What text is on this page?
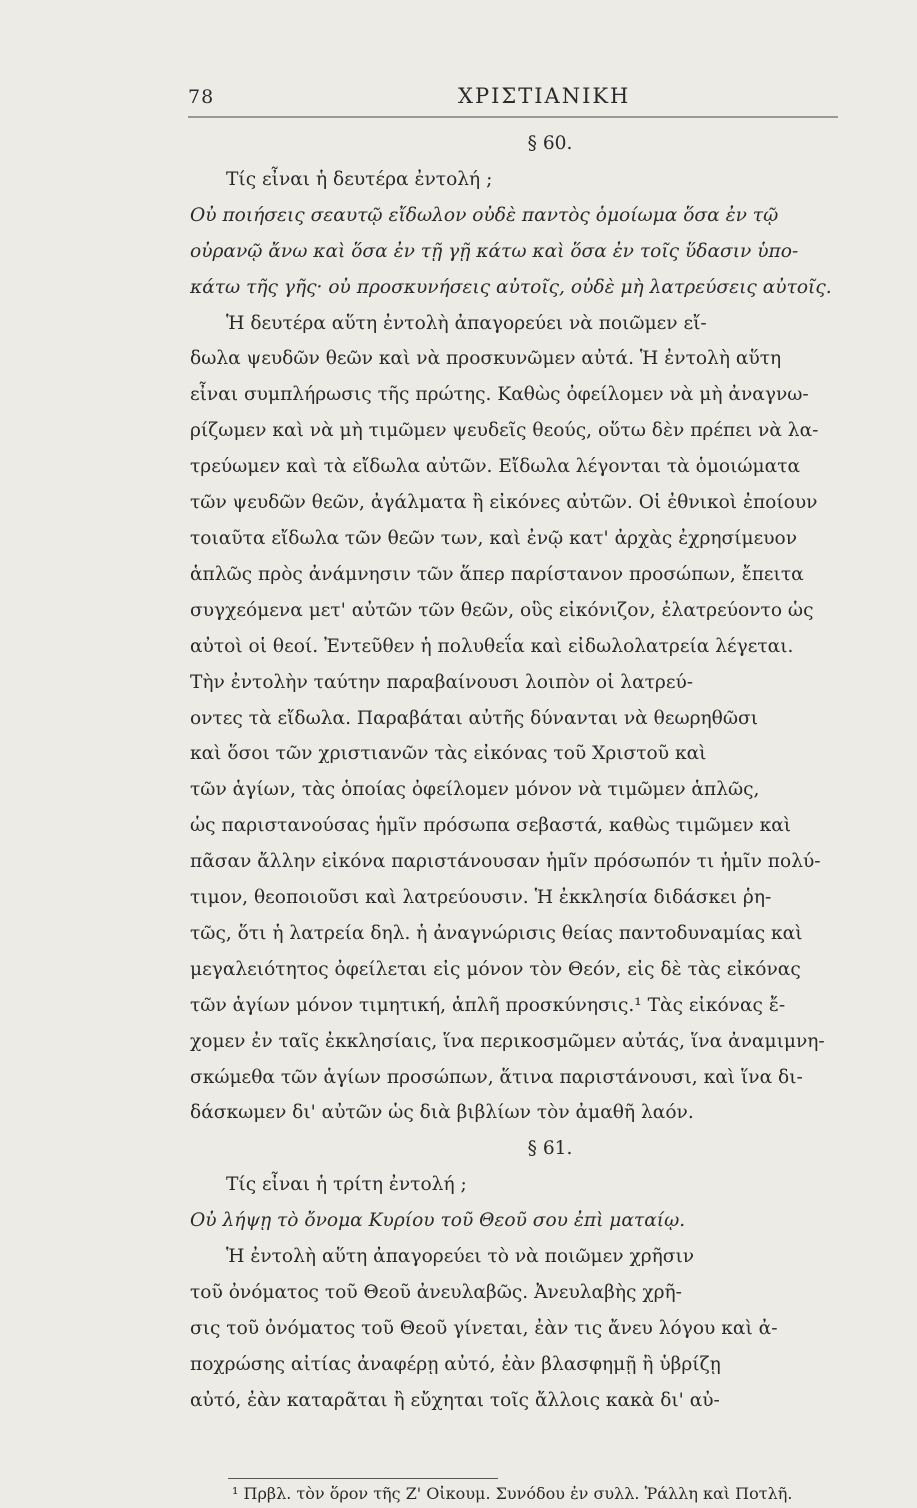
78	ΧΡΙΣΤΙΑΝΙΚΗ
§ 60.
Τίς εἶναι ἡ δευτέρα ἐντολή ;
Οὐ ποιήσεις σεαυτῷ εἴδωλον οὐδὲ παντὸς ὁμοίωμα ὅσα ἐν τῷ
οὐρανῷ ἄνω καὶ ὅσα ἐν τῇ γῇ κάτω καὶ ὅσα ἐν τοῖς ὕδασιν ὑπο-
κάτω τῆς γῆς· οὐ προσκυνήσεις αὐτοῖς, οὐδὲ μὴ λατρεύσεις αὐτοῖς.
Ἡ δευτέρα αὕτη ἐντολὴ ἀπαγορεύει νὰ ποιῶμεν εἴ-
δωλα ψευδῶν θεῶν καὶ νὰ προσκυνῶμεν αὐτά. Ἡ ἐντολὴ αὕτη
εἶναι συμπλήρωσις τῆς πρώτης. Καθὼς ὀφείλομεν νὰ μὴ ἀναγνω-
ρίζωμεν καὶ νὰ μὴ τιμῶμεν ψευδεῖς θεούς, οὕτω δὲν πρέπει νὰ λα-
τρεύωμεν καὶ τὰ εἴδωλα αὐτῶν. Εἴδωλα λέγονται τὰ ὁμοιώματα
τῶν ψευδῶν θεῶν, ἀγάλματα ἢ εἰκόνες αὐτῶν. Οἱ ἐθνικοὶ ἐποίουν
τοιαῦτα εἴδωλα τῶν θεῶν των, καὶ ἐνῷ κατ' ἀρχὰς ἐχρησίμευον
ἁπλῶς πρὸς ἀνάμνησιν τῶν ἅπερ παρίστανον προσώπων, ἔπειτα
συγχεόμενα μετ' αὐτῶν τῶν θεῶν, οὓς εἰκόνιζον, ἐλατρεύοντο ὡς
αὐτοὶ οἱ θεοί. Ἐντεῦθεν ἡ πολυθεΐα καὶ εἰδωλολατρεία λέγεται.
Τὴν ἐντολὴν ταύτην παραβαίνουσι λοιπὸν οἱ λατρεύ-
οντες τὰ εἴδωλα. Παραβάται αὐτῆς δύνανται νὰ θεωρηθῶσι
καὶ ὅσοι τῶν χριστιανῶν τὰς εἰκόνας τοῦ Χριστοῦ καὶ
τῶν ἁγίων, τὰς ὁποίας ὀφείλομεν μόνον νὰ τιμῶμεν ἁπλῶς,
ὡς παριστανούσας ἡμῖν πρόσωπα σεβαστά, καθὼς τιμῶμεν καὶ
πᾶσαν ἄλλην εἰκόνα παριστάνουσαν ἡμῖν πρόσωπόν τι ἡμῖν πολύ-
τιμον, θεοποιοῦσι καὶ λατρεύουσιν. Ἡ ἐκκλησία διδάσκει ῥη-
τῶς, ὅτι ἡ λατρεία δηλ. ἡ ἀναγνώρισις θείας παντοδυναμίας καὶ
μεγαλειότητος ὀφείλεται εἰς μόνον τὸν Θεόν, εἰς δὲ τὰς εἰκόνας
τῶν ἁγίων μόνον τιμητική, ἁπλῆ προσκύνησις.¹ Τὰς εἰκόνας ἔ-
χομεν ἐν ταῖς ἐκκλησίαις, ἵνα περικοσμῶμεν αὐτάς, ἵνα ἀναμιμνη-
σκώμεθα τῶν ἁγίων προσώπων, ἅτινα παριστάνουσι, καὶ ἵνα δι-
δάσκωμεν δι' αὐτῶν ὡς διὰ βιβλίων τὸν ἀμαθῆ λαόν.
§ 61.
Τίς εἶναι ἡ τρίτη ἐντολή ;
Οὐ λήψῃ τὸ ὄνομα Κυρίου τοῦ Θεοῦ σου ἐπὶ ματαίῳ.
Ἡ ἐντολὴ αὕτη ἀπαγορεύει τὸ νὰ ποιῶμεν χρῆσιν
τοῦ ὀνόματος τοῦ Θεοῦ ἀνευλαβῶς. Ἀνευλαβὴς χρῆ-
σις τοῦ ὀνόματος τοῦ Θεοῦ γίνεται, ἐὰν τις ἄνευ λόγου καὶ ἀ-
ποχρώσης αἰτίας ἀναφέρῃ αὐτό, ἐὰν βλασφημῇ ἢ ὑβρίζῃ
αὐτό, ἐὰν καταρᾶται ἢ εὔχηται τοῖς ἄλλοις κακὰ δι' αὐ-
¹ Πρβλ. τὸν ὅρον τῆς Ζ' Οἰκουμ. Συνόδου ἐν συλλ. Ῥάλλη καὶ Ποτλῆ.
